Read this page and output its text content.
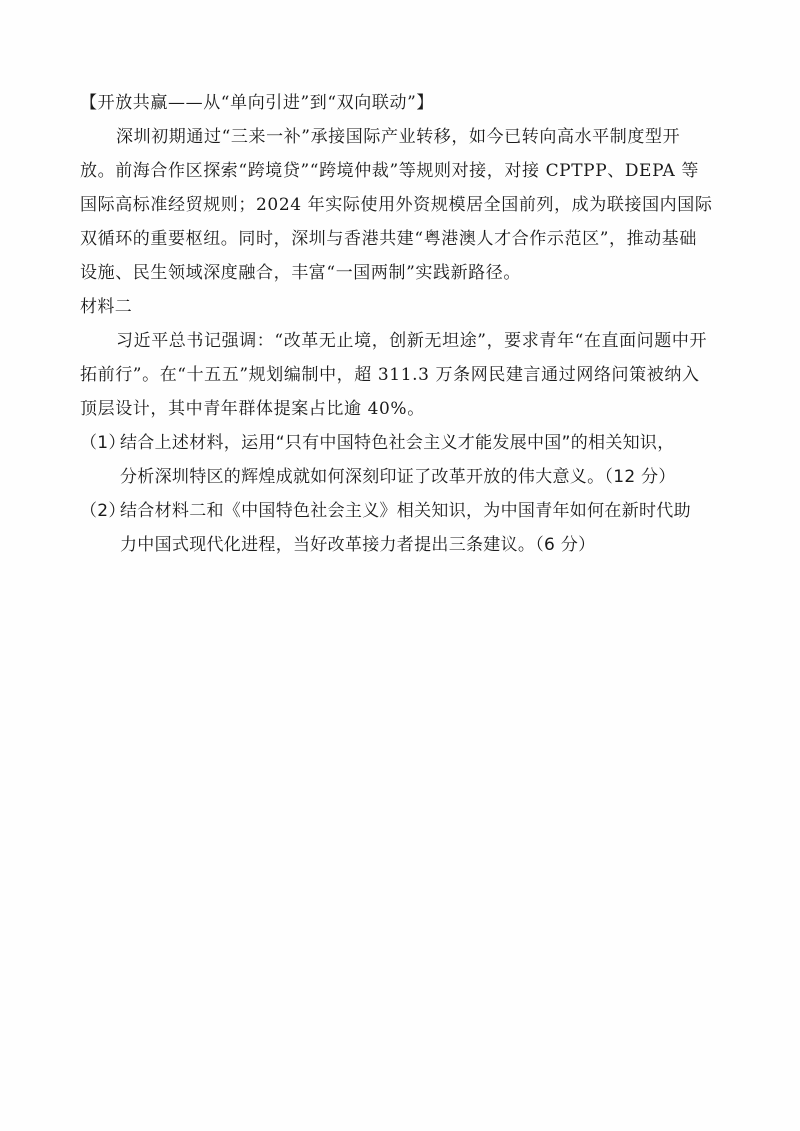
【开放共赢——从“单向引进”到“双向联动”】
深圳初期通过“三来一补”承接国际产业转移，如今已转向高水平制度型开
放。前海合作区探索“跨境贷”“跨境仲裁”等规则对接，对接 CPTPP、DEPA 等
国际高标准经贸规则；2024 年实际使用外资规模居全国前列，成为联接国内国际
双循环的重要枢纽。同时，深圳与香港共建“粤港澳人才合作示范区”，推动基础
设施、民生领域深度融合，丰富“一国两制”实践新路径。
材料二
习近平总书记强调：“改革无止境，创新无坦途”，要求青年“在直面问题中开
拓前行”。在“十五五”规划编制中，超 311.3 万条网民建言通过网络问策被纳入
顶层设计，其中青年群体提案占比逾 40%。
（1）结合上述材料，运用“只有中国特色社会主义才能发展中国”的相关知识，
分析深圳特区的辉煌成就如何深刻印证了改革开放的伟大意义。（12 分）
（2）结合材料二和《中国特色社会主义》相关知识，为中国青年如何在新时代助
力中国式现代化进程，当好改革接力者提出三条建议。（6 分）
